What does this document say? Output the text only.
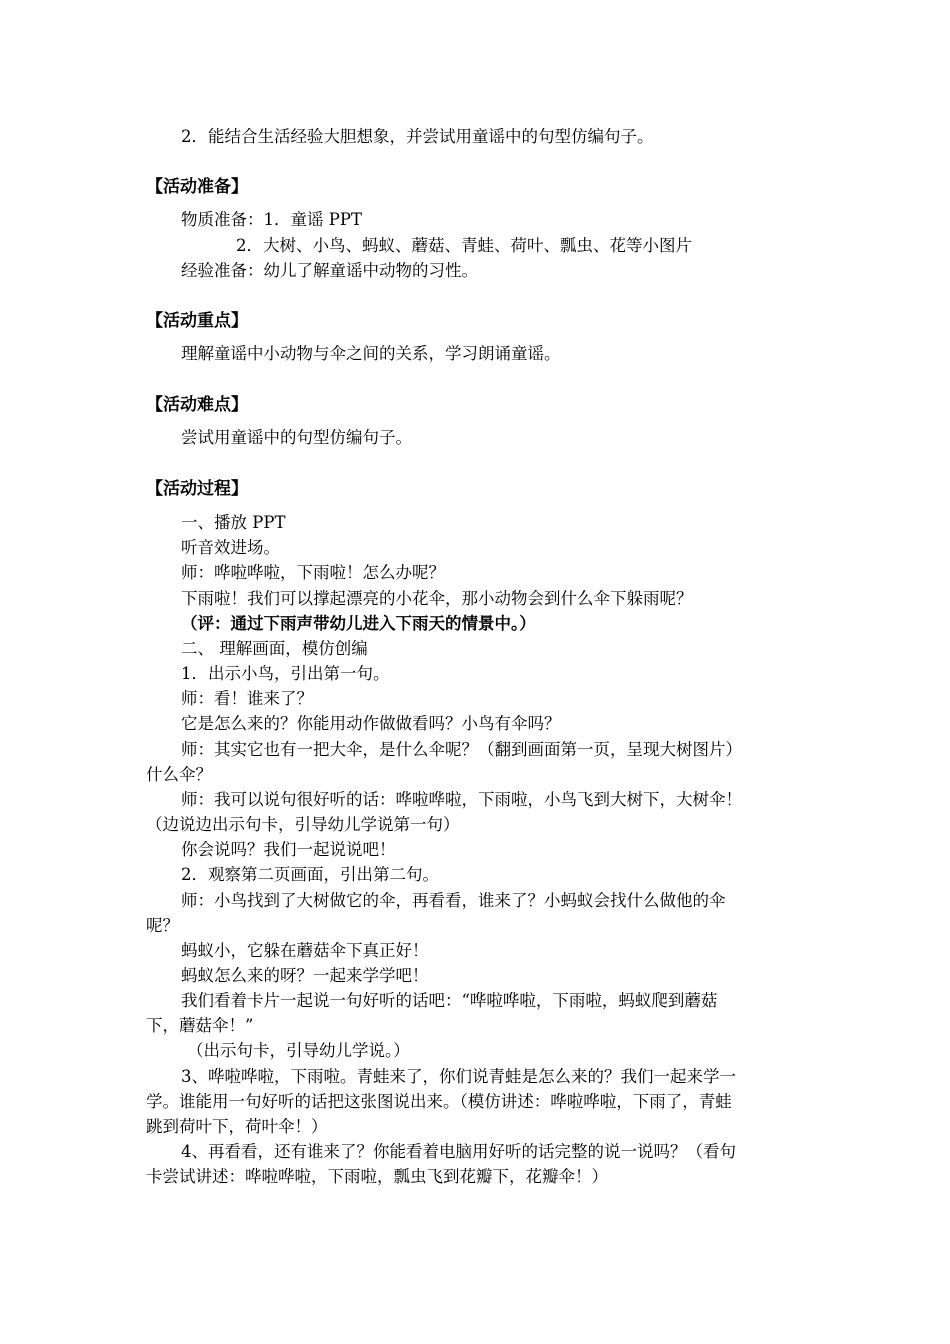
2．能结合生活经验大胆想象，并尝试用童谣中的句型仿编句子。
【活动准备】
物质准备：1．童谣 PPT
2．大树、小鸟、蚂蚁、蘑菇、青蛙、荷叶、瓢虫、花等小图片
经验准备：幼儿了解童谣中动物的习性。
【活动重点】
理解童谣中小动物与伞之间的关系，学习朗诵童谣。
【活动难点】
尝试用童谣中的句型仿编句子。
【活动过程】
一、播放 PPT
听音效进场。
师：哗啦哗啦，下雨啦！怎么办呢？
下雨啦！我们可以撑起漂亮的小花伞，那小动物会到什么伞下躲雨呢？
（评：通过下雨声带幼儿进入下雨天的情景中。）
二、 理解画面，模仿创编
1．出示小鸟，引出第一句。
师：看！谁来了？
它是怎么来的？你能用动作做做看吗？小鸟有伞吗？
师：其实它也有一把大伞，是什么伞呢？（翻到画面第一页，呈现大树图片）
什么伞？
师：我可以说句很好听的话：哗啦哗啦，下雨啦，小鸟飞到大树下，大树伞！
（边说边出示句卡，引导幼儿学说第一句）
你会说吗？我们一起说说吧！
2．观察第二页画面，引出第二句。
师：小鸟找到了大树做它的伞，再看看，谁来了？小蚂蚁会找什么做他的伞
呢？
蚂蚁小，它躲在蘑菇伞下真正好！
蚂蚁怎么来的呀？一起来学学吧！
我们看着卡片一起说一句好听的话吧：“哗啦哗啦，下雨啦，蚂蚁爬到蘑菇
下，蘑菇伞！”
（出示句卡，引导幼儿学说。）
3、哗啦哗啦，下雨啦。青蛙来了，你们说青蛙是怎么来的？我们一起来学一
学。谁能用一句好听的话把这张图说出来。（模仿讲述：哗啦哗啦，下雨了，青蛙
跳到荷叶下，荷叶伞！）
4、再看看，还有谁来了？你能看着电脑用好听的话完整的说一说吗？（看句
卡尝试讲述：哗啦哗啦，下雨啦，瓢虫飞到花瓣下，花瓣伞！）
